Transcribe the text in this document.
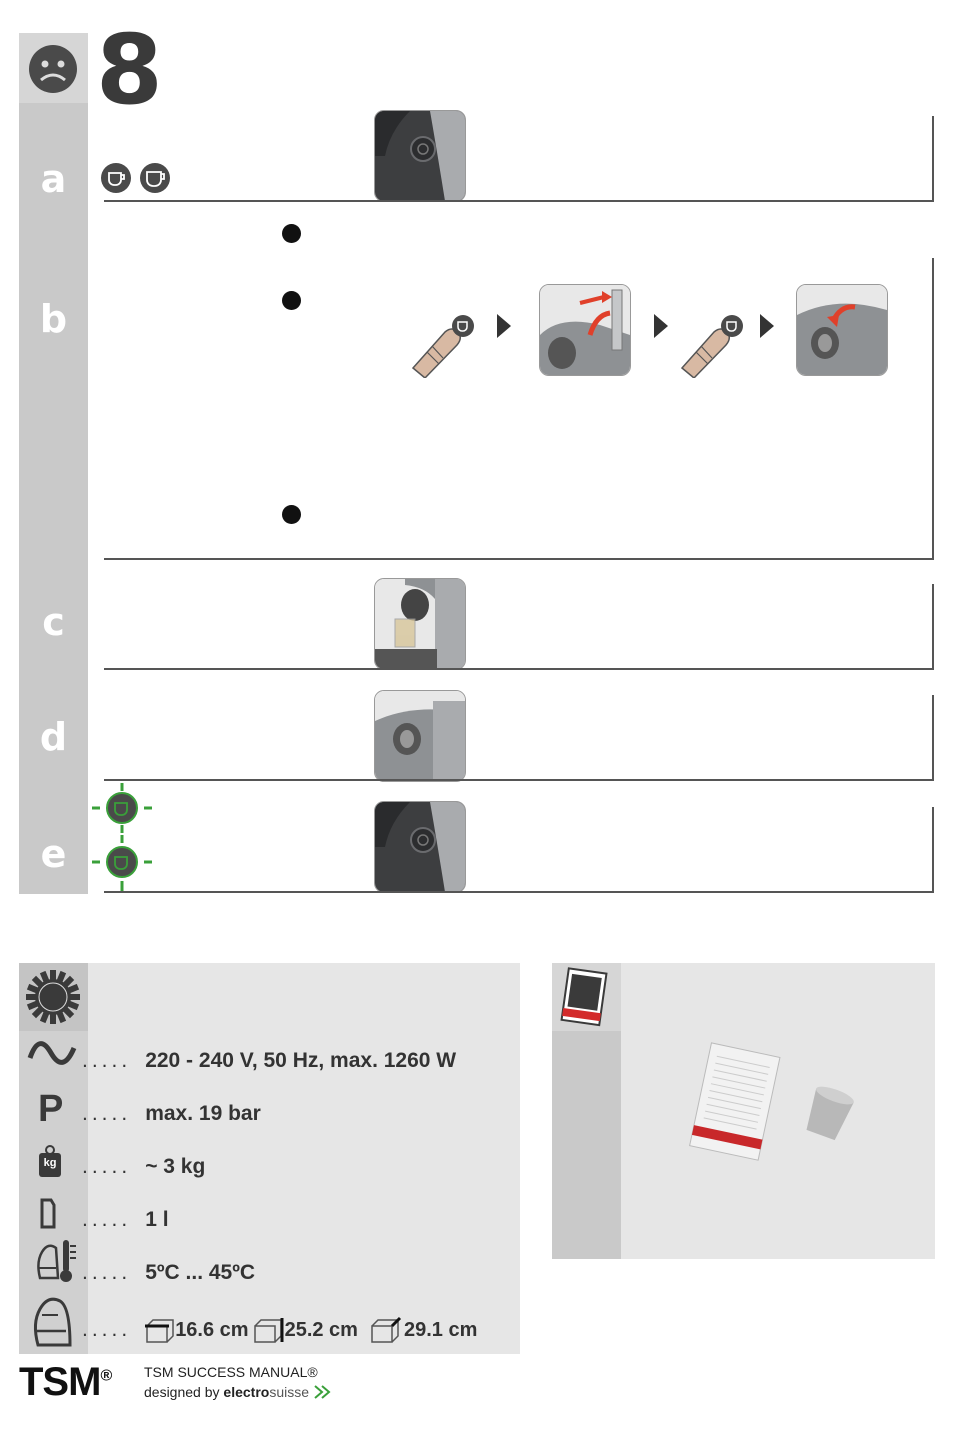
8
a
b
c
d
e
P
kg
..... 220 - 240 V, 50 Hz, max. 1260 W
..... max. 19 bar
..... ~ 3 kg
..... 1 l
..... 5ºC ... 45ºC
..... 16.6 cm 25.2 cm 29.1 cm
TSM® TSM SUCCESS MANUAL®
designed by electrosuisse
